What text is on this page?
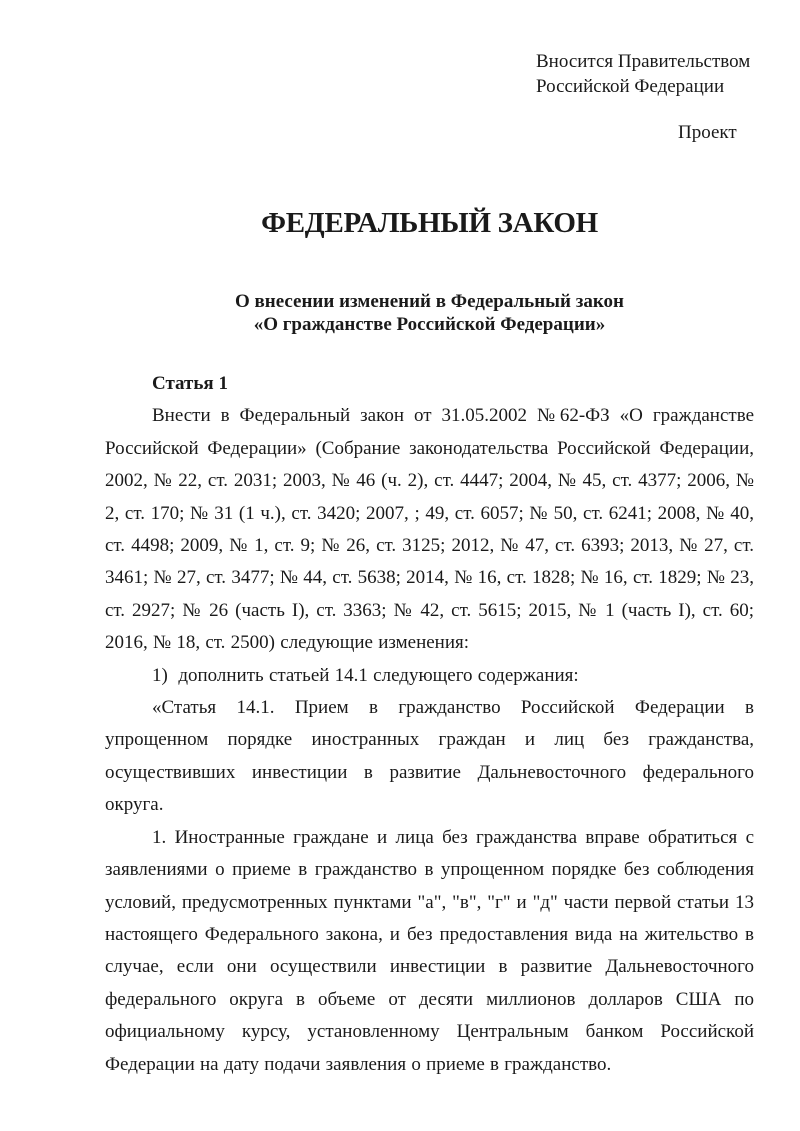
Вносится Правительством
Российской Федерации
Проект
ФЕДЕРАЛЬНЫЙ ЗАКОН
О внесении изменений в Федеральный закон
«О гражданстве Российской Федерации»

Статья 1

Внести в Федеральный закон от 31.05.2002 №62-ФЗ «О гражданстве Российской Федерации» (Собрание законодательства Российской Федерации, 2002, № 22, ст. 2031; 2003, № 46 (ч. 2), ст. 4447; 2004, № 45, ст. 4377; 2006, № 2, ст. 170; № 31 (1 ч.), ст. 3420; 2007, ; 49, ст. 6057; № 50, ст. 6241; 2008, № 40, ст. 4498; 2009, № 1, ст. 9; № 26, ст. 3125; 2012, № 47, ст. 6393; 2013, № 27, ст. 3461; № 27, ст. 3477; № 44, ст. 5638; 2014, № 16, ст. 1828; № 16, ст. 1829; № 23, ст. 2927; № 26 (часть I), ст. 3363; № 42, ст. 5615; 2015, № 1 (часть I), ст. 60; 2016, № 18, ст. 2500) следующие изменения:

1)  дополнить статьей 14.1 следующего содержания:

«Статья 14.1. Прием в гражданство Российской Федерации в упрощенном порядке иностранных граждан и лиц без гражданства, осуществивших инвестиции в развитие Дальневосточного федерального округа.

1. Иностранные граждане и лица без гражданства вправе обратиться с заявлениями о приеме в гражданство в упрощенном порядке без соблюдения условий, предусмотренных пунктами "а", "в", "г" и "д" части первой статьи 13 настоящего Федерального закона, и без предоставления вида на жительство в случае, если они осуществили инвестиции в развитие Дальневосточного федерального округа в объеме от десяти миллионов долларов США по официальному курсу, установленному Центральным банком Российской Федерации на дату подачи заявления о приеме в гражданство.
